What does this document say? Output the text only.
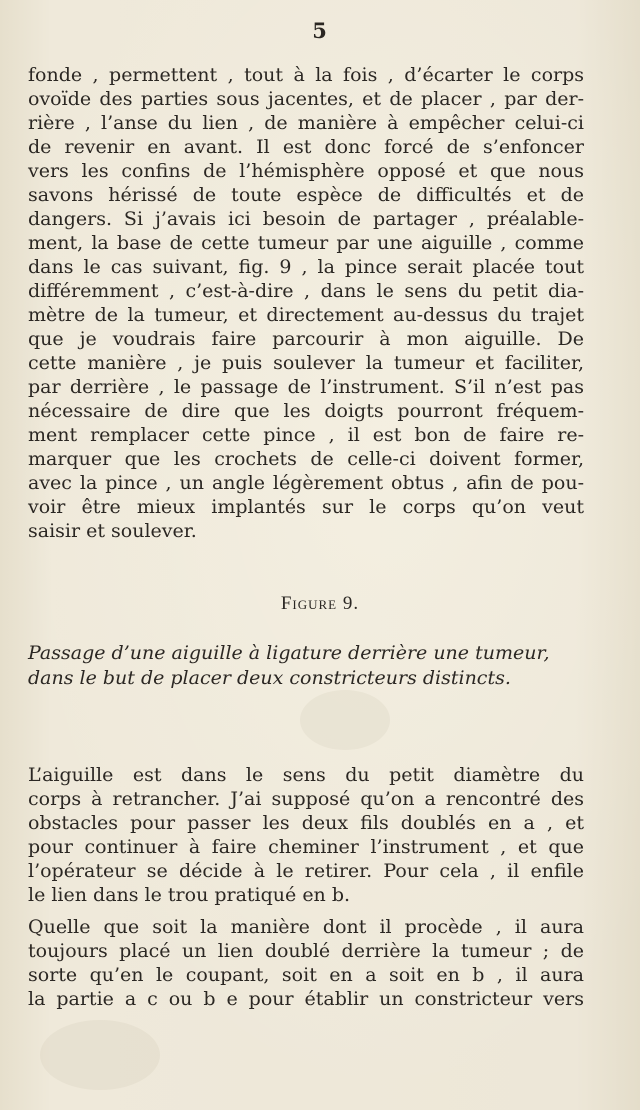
5

fonde , permettent , tout à la fois , d’écarter le corps
ovoïde des parties sous jacentes, et de placer , par der-
rière , l’anse du lien , de manière à empêcher celui-ci
de revenir en avant. Il est donc forcé de s’enfoncer
vers les confins de l’hémisphère opposé et que nous
savons hérissé de toute espèce de difficultés et de
dangers. Si j’avais ici besoin de partager , préalable-
ment, la base de cette tumeur par une aiguille , comme
dans le cas suivant, fig. 9 , la pince serait placée tout
différemment , c’est-à-dire , dans le sens du petit dia-
mètre de la tumeur, et directement au-dessus du trajet
que je voudrais faire parcourir à mon aiguille. De
cette manière , je puis soulever la tumeur et faciliter,
par derrière , le passage de l’instrument. S’il n’est pas
nécessaire de dire que les doigts pourront fréquem-
ment remplacer cette pince , il est bon de faire re-
marquer que les crochets de celle-ci doivent former,
avec la pince , un angle légèrement obtus , afin de pou-
voir être mieux implantés sur le corps qu’on veut
saisir et soulever.

Figure 9.

Passage d’une aiguille à ligature derrière une tumeur,
dans le but de placer deux constricteurs distincts.

L’aiguille est dans le sens du petit diamètre du
corps à retrancher. J’ai supposé qu’on a rencontré des
obstacles pour passer les deux fils doublés en a , et
pour continuer à faire cheminer l’instrument , et que
l’opérateur se décide à le retirer. Pour cela , il enfile
le lien dans le trou pratiqué en b.

Quelle que soit la manière dont il procède , il aura
toujours placé un lien doublé derrière la tumeur ; de
sorte qu’en le coupant, soit en a soit en b , il aura
la partie a c ou b e pour établir un constricteur vers
